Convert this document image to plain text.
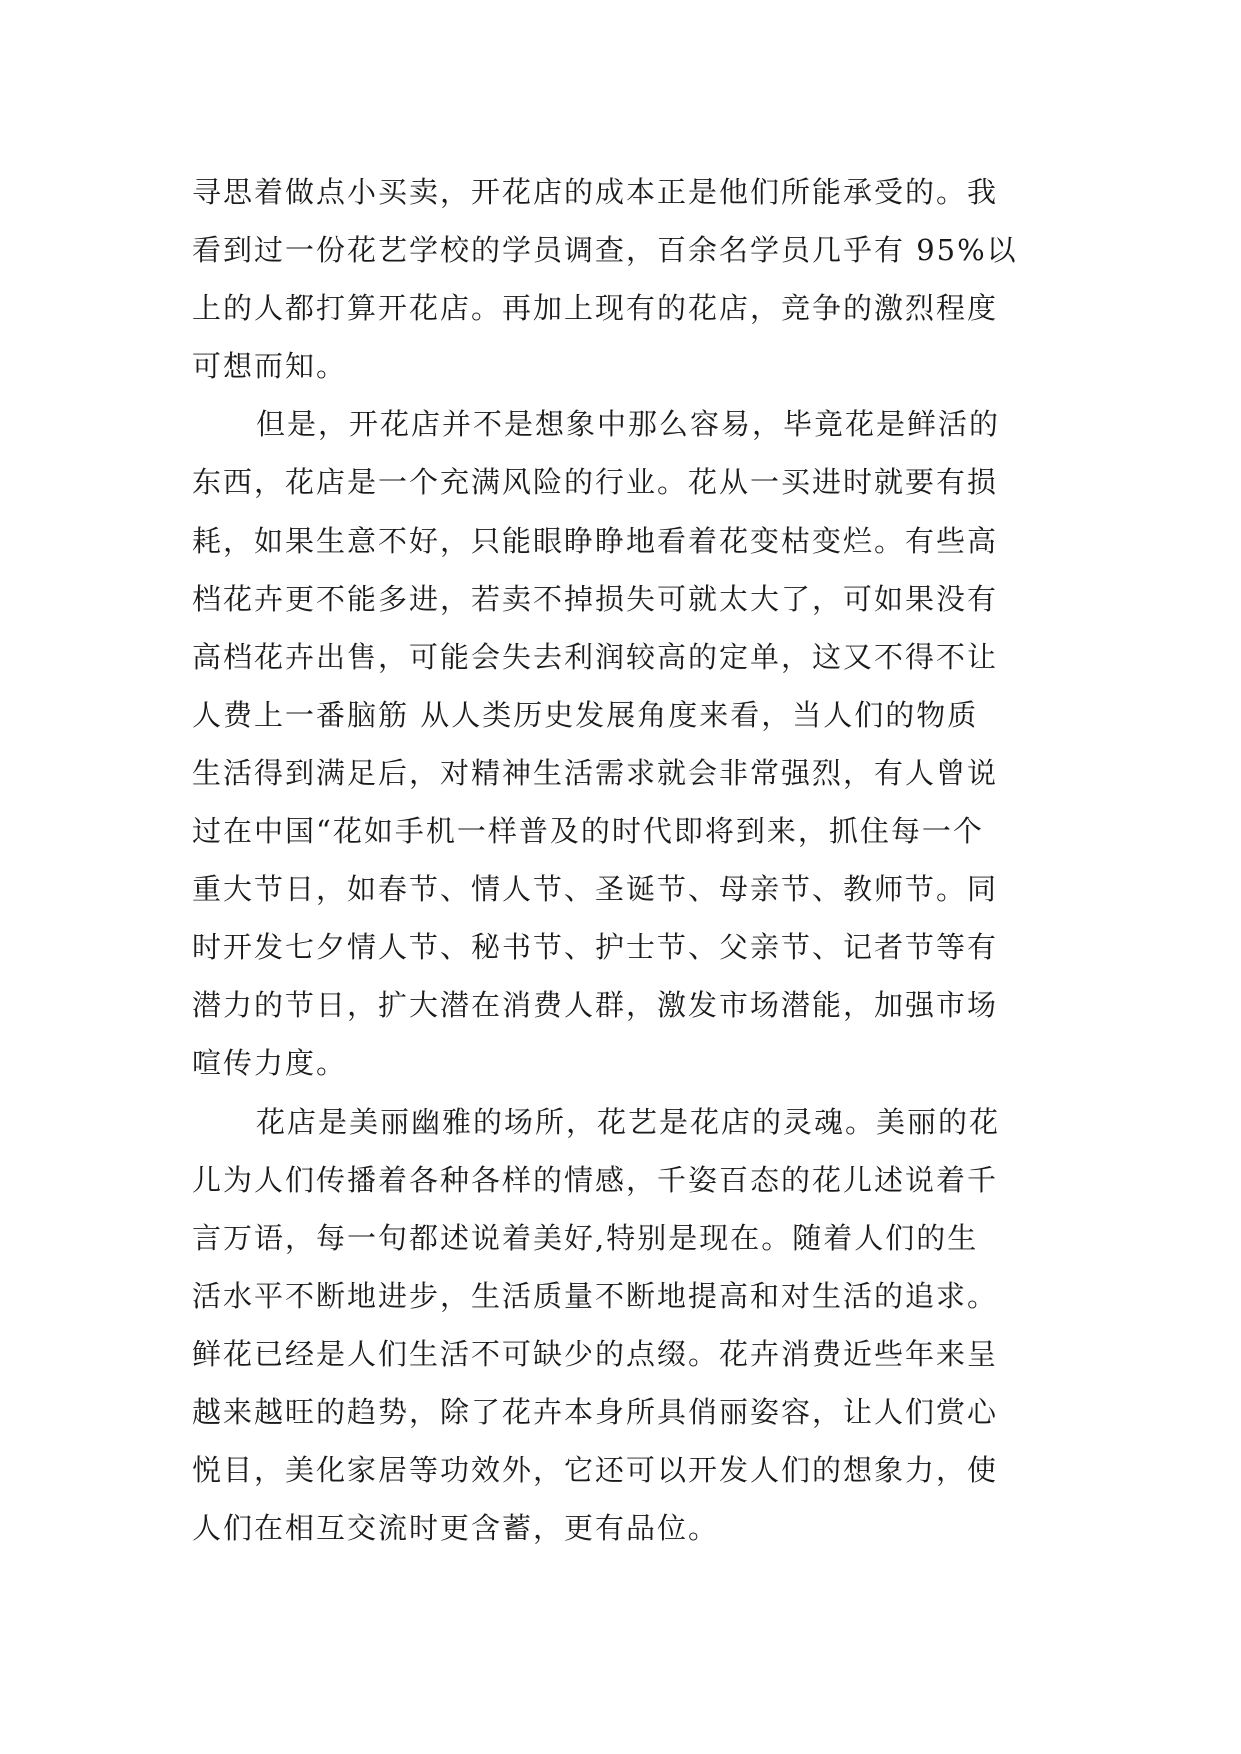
寻思着做点小买卖，开花店的成本正是他们所能承受的。我
看到过一份花艺学校的学员调查，百余名学员几乎有 95%以
上的人都打算开花店。再加上现有的花店，竞争的激烈程度
可想而知。
但是，开花店并不是想象中那么容易，毕竟花是鲜活的
东西，花店是一个充满风险的行业。花从一买进时就要有损
耗，如果生意不好，只能眼睁睁地看着花变枯变烂。有些高
档花卉更不能多进，若卖不掉损失可就太大了，可如果没有
高档花卉出售，可能会失去利润较高的定单，这又不得不让
人费上一番脑筋 从人类历史发展角度来看，当人们的物质
生活得到满足后，对精神生活需求就会非常强烈，有人曾说
过在中国“花如手机一样普及的时代即将到来，抓住每一个
重大节日，如春节、情人节、圣诞节、母亲节、教师节。同
时开发七夕情人节、秘书节、护士节、父亲节、记者节等有
潜力的节日，扩大潜在消费人群，激发市场潜能，加强市场
喧传力度。
花店是美丽幽雅的场所，花艺是花店的灵魂。美丽的花
儿为人们传播着各种各样的情感，千姿百态的花儿述说着千
言万语，每一句都述说着美好,特别是现在。随着人们的生
活水平不断地进步，生活质量不断地提高和对生活的追求。
鲜花已经是人们生活不可缺少的点缀。花卉消费近些年来呈
越来越旺的趋势，除了花卉本身所具俏丽姿容，让人们赏心
悦目，美化家居等功效外，它还可以开发人们的想象力，使
人们在相互交流时更含蓄，更有品位。
